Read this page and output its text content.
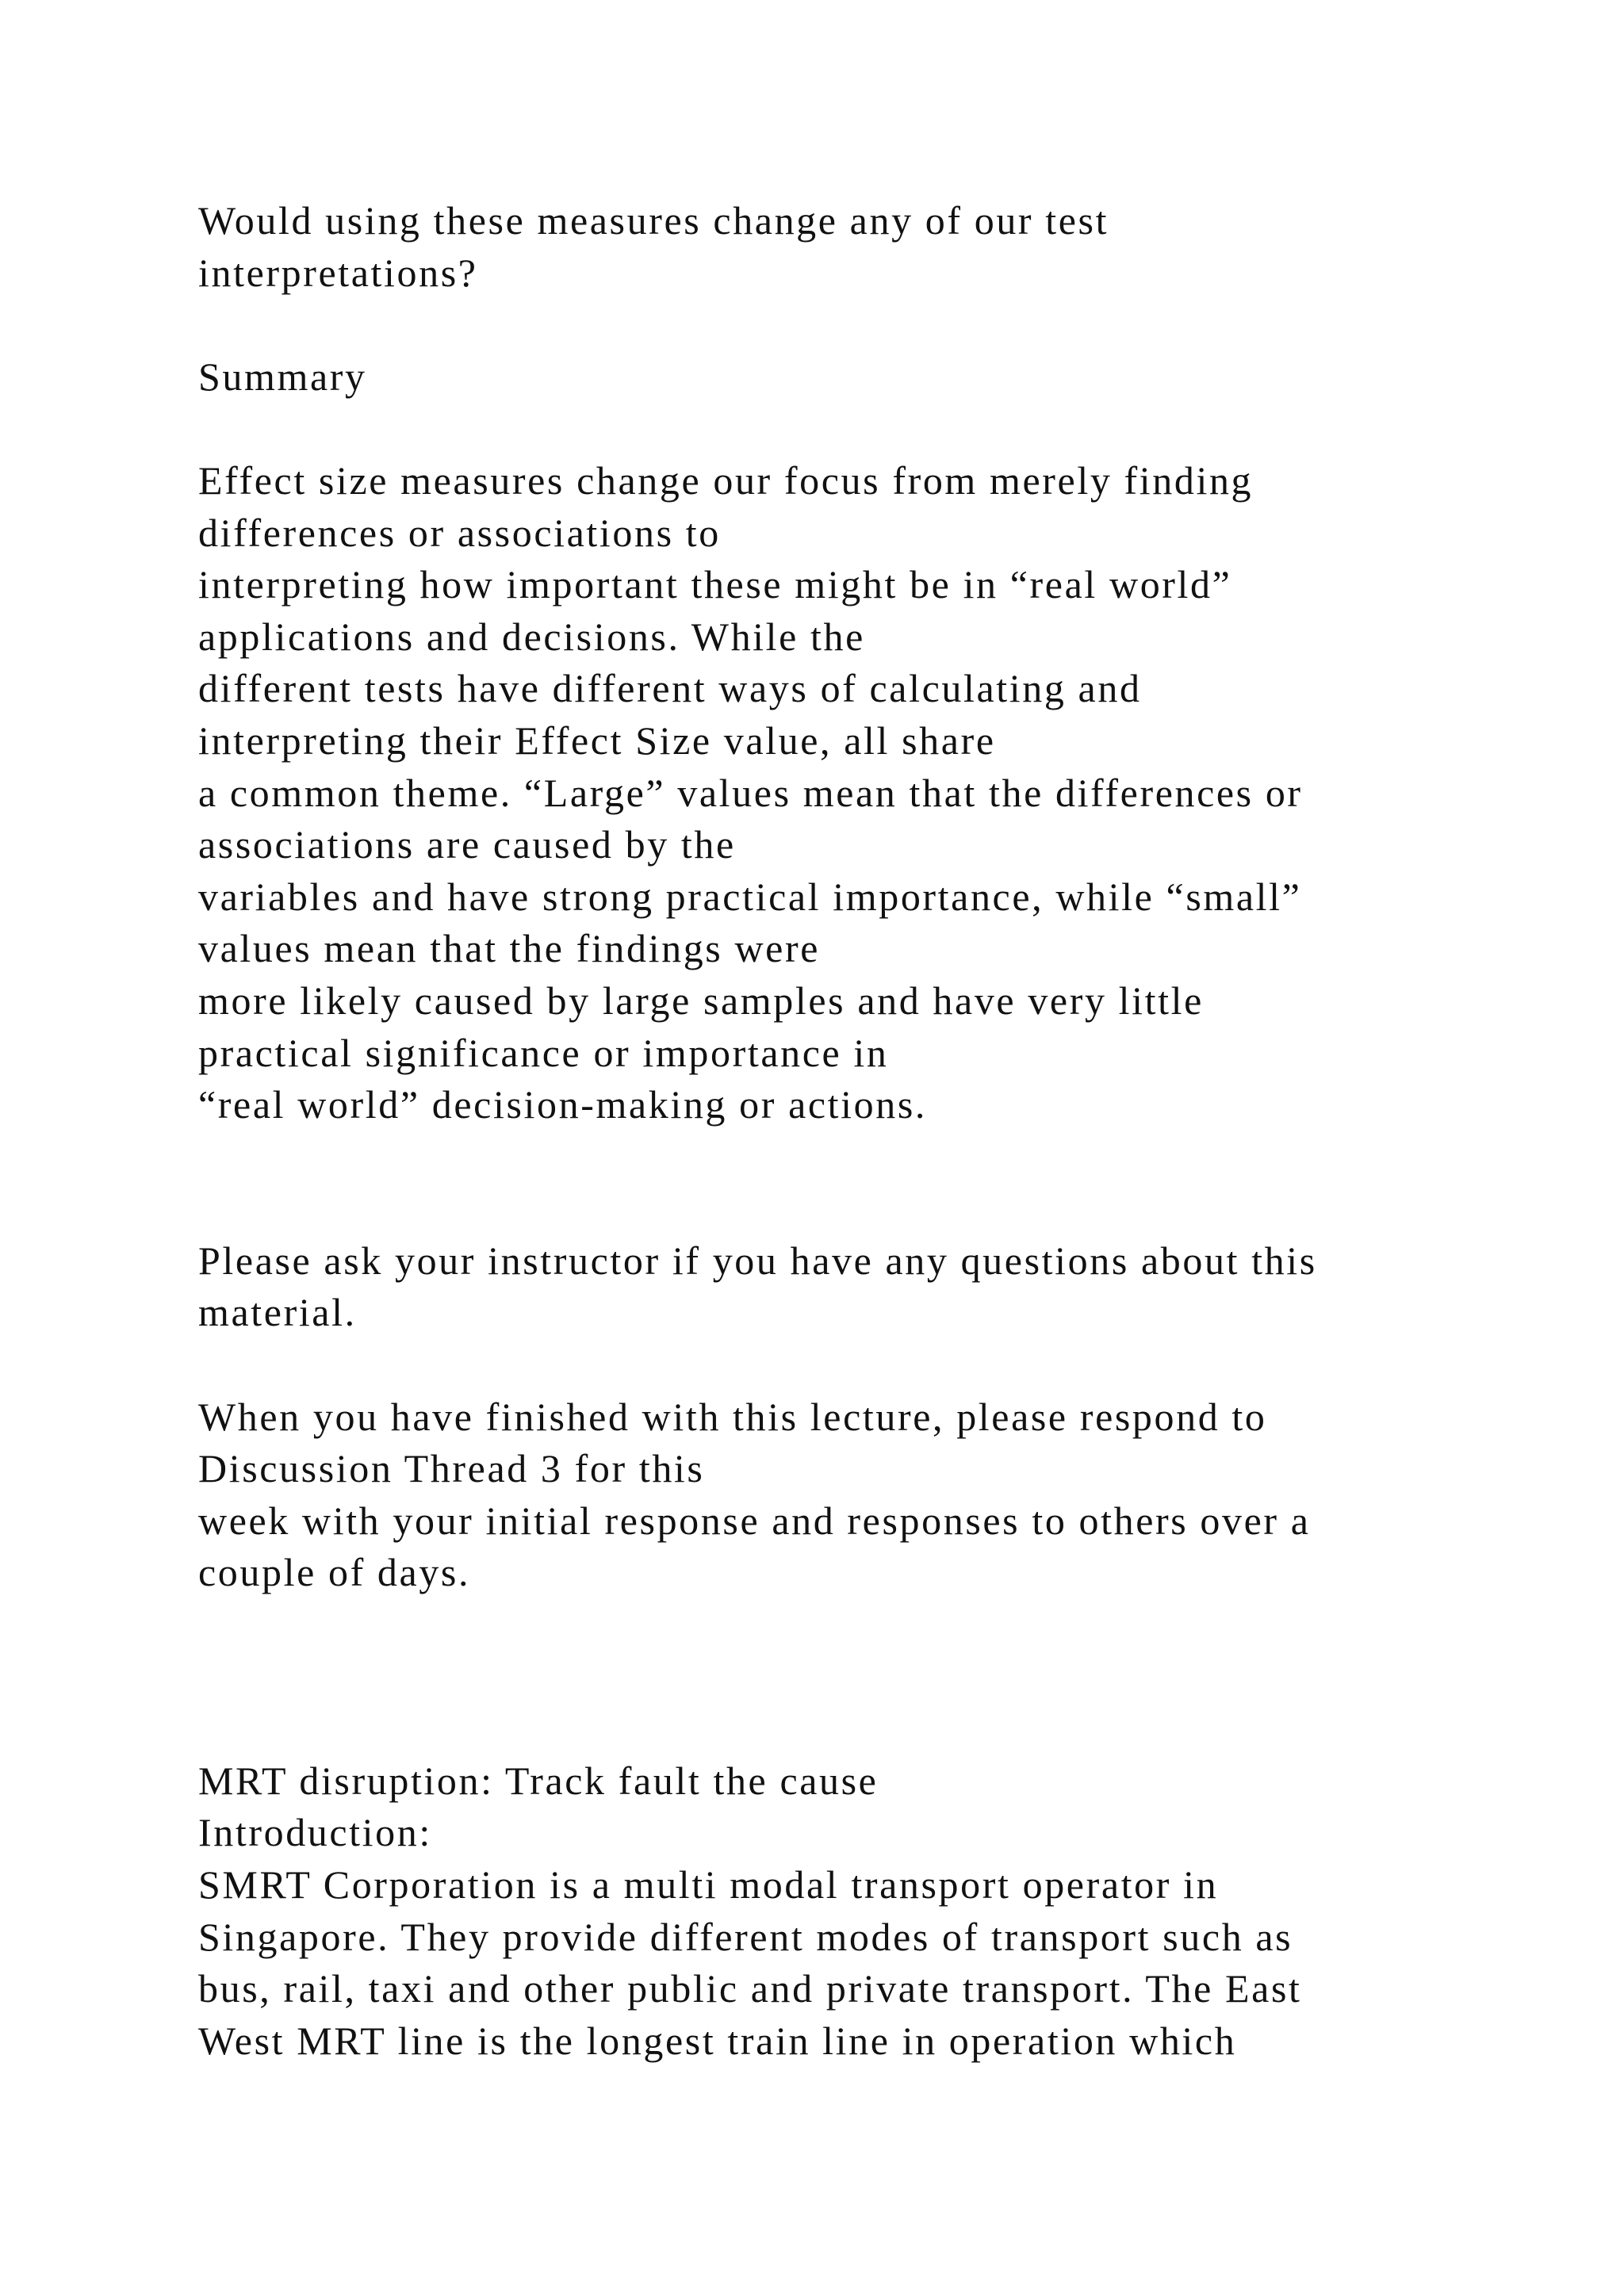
Would using these measures change any of our test
interpretations?
Summary
Effect size measures change our focus from merely finding
differences or associations to
interpreting how important these might be in “real world”
applications and decisions. While the
different tests have different ways of calculating and
interpreting their Effect Size value, all share
a common theme. “Large” values mean that the differences or
associations are caused by the
variables and have strong practical importance, while “small”
values mean that the findings were
more likely caused by large samples and have very little
practical significance or importance in
“real world” decision-making or actions.
Please ask your instructor if you have any questions about this
material.
When you have finished with this lecture, please respond to
Discussion Thread 3 for this
week with your initial response and responses to others over a
couple of days.
MRT disruption: Track fault the cause
Introduction:
SMRT Corporation is a multi modal transport operator in
Singapore. They provide different modes of transport such as
bus, rail, taxi and other public and private transport. The East
West MRT line is the longest train line in operation which
